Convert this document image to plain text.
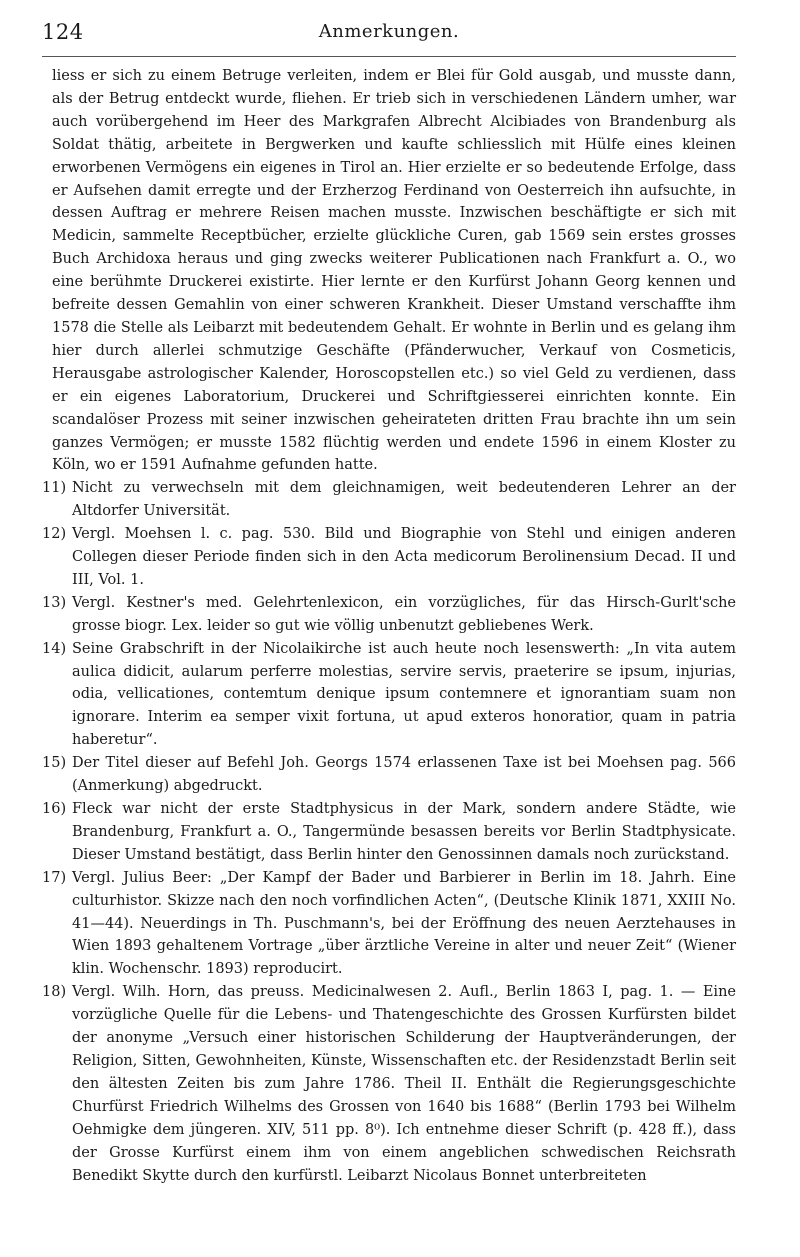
124	Anmerkungen.

liess er sich zu einem Betruge verleiten, indem er Blei für Gold ausgab, und musste dann, als der Betrug entdeckt wurde, fliehen. Er trieb sich in verschiedenen Ländern umher, war auch vorübergehend im Heer des Markgrafen Albrecht Alcibiades von Brandenburg als Soldat thätig, arbeitete in Bergwerken und kaufte schliesslich mit Hülfe eines kleinen erworbenen Vermögens ein eigenes in Tirol an. Hier erzielte er so bedeutende Erfolge, dass er Aufsehen damit erregte und der Erzherzog Ferdinand von Oesterreich ihn aufsuchte, in dessen Auftrag er mehrere Reisen machen musste. Inzwischen beschäftigte er sich mit Medicin, sammelte Receptbücher, erzielte glückliche Curen, gab 1569 sein erstes grosses Buch Archidoxa heraus und ging zwecks weiterer Publicationen nach Frankfurt a. O., wo eine berühmte Druckerei existirte. Hier lernte er den Kurfürst Johann Georg kennen und befreite dessen Gemahlin von einer schweren Krankheit. Dieser Umstand verschaffte ihm 1578 die Stelle als Leibarzt mit bedeutendem Gehalt. Er wohnte in Berlin und es gelang ihm hier durch allerlei schmutzige Geschäfte (Pfänderwucher, Verkauf von Cosmeticis, Herausgabe astrologischer Kalender, Horoscopstellen etc.) so viel Geld zu verdienen, dass er ein eigenes Laboratorium, Druckerei und Schriftgiesserei einrichten konnte. Ein scandalöser Prozess mit seiner inzwischen geheirateten dritten Frau brachte ihn um sein ganzes Vermögen; er musste 1582 flüchtig werden und endete 1596 in einem Kloster zu Köln, wo er 1591 Aufnahme gefunden hatte.

11) Nicht zu verwechseln mit dem gleichnamigen, weit bedeutenderen Lehrer an der Altdorfer Universität.
12) Vergl. Moehsen l. c. pag. 530. Bild und Biographie von Stehl und einigen anderen Collegen dieser Periode finden sich in den Acta medicorum Berolinensium Decad. II und III, Vol. 1.
13) Vergl. Kestner's med. Gelehrtenlexicon, ein vorzügliches, für das Hirsch-Gurlt'sche grosse biogr. Lex. leider so gut wie völlig unbenutzt gebliebenes Werk.
14) Seine Grabschrift in der Nicolaikirche ist auch heute noch lesenswerth: „In vita autem aulica didicit, aularum perferre molestias, servire servis, praeterire se ipsum, injurias, odia, vellicationes, contemtum denique ipsum contemnere et ignorantiam suam non ignorare. Interim ea semper vixit fortuna, ut apud exteros honoratior, quam in patria haberetur“.
15) Der Titel dieser auf Befehl Joh. Georgs 1574 erlassenen Taxe ist bei Moehsen pag. 566 (Anmerkung) abgedruckt.
16) Fleck war nicht der erste Stadtphysicus in der Mark, sondern andere Städte, wie Brandenburg, Frankfurt a. O., Tangermünde besassen bereits vor Berlin Stadtphysicate. Dieser Umstand bestätigt, dass Berlin hinter den Genossinnen damals noch zurückstand.
17) Vergl. Julius Beer: „Der Kampf der Bader und Barbierer in Berlin im 18. Jahrh. Eine culturhistor. Skizze nach den noch vorfindlichen Acten“, (Deutsche Klinik 1871, XXIII No. 41—44). Neuerdings in Th. Puschmann's, bei der Eröffnung des neuen Aerztehauses in Wien 1893 gehaltenem Vortrage „über ärztliche Vereine in alter und neuer Zeit“ (Wiener klin. Wochenschr. 1893) reproducirt.
18) Vergl. Wilh. Horn, das preuss. Medicinalwesen 2. Aufl., Berlin 1863 I, pag. 1. — Eine vorzügliche Quelle für die Lebens- und Thatengeschichte des Grossen Kurfürsten bildet der anonyme „Versuch einer historischen Schilderung der Hauptveränderungen, der Religion, Sitten, Gewohnheiten, Künste, Wissenschaften etc. der Residenzstadt Berlin seit den ältesten Zeiten bis zum Jahre 1786. Theil II. Enthält die Regierungsgeschichte Churfürst Friedrich Wilhelms des Grossen von 1640 bis 1688“ (Berlin 1793 bei Wilhelm Oehmigke dem jüngeren. XIV, 511 pp. 8⁰). Ich entnehme dieser Schrift (p. 428 ff.), dass der Grosse Kurfürst einem ihm von einem angeblichen schwedischen Reichsrath Benedikt Skytte durch den kurfürstl. Leibarzt Nicolaus Bonnet unterbreiteten
